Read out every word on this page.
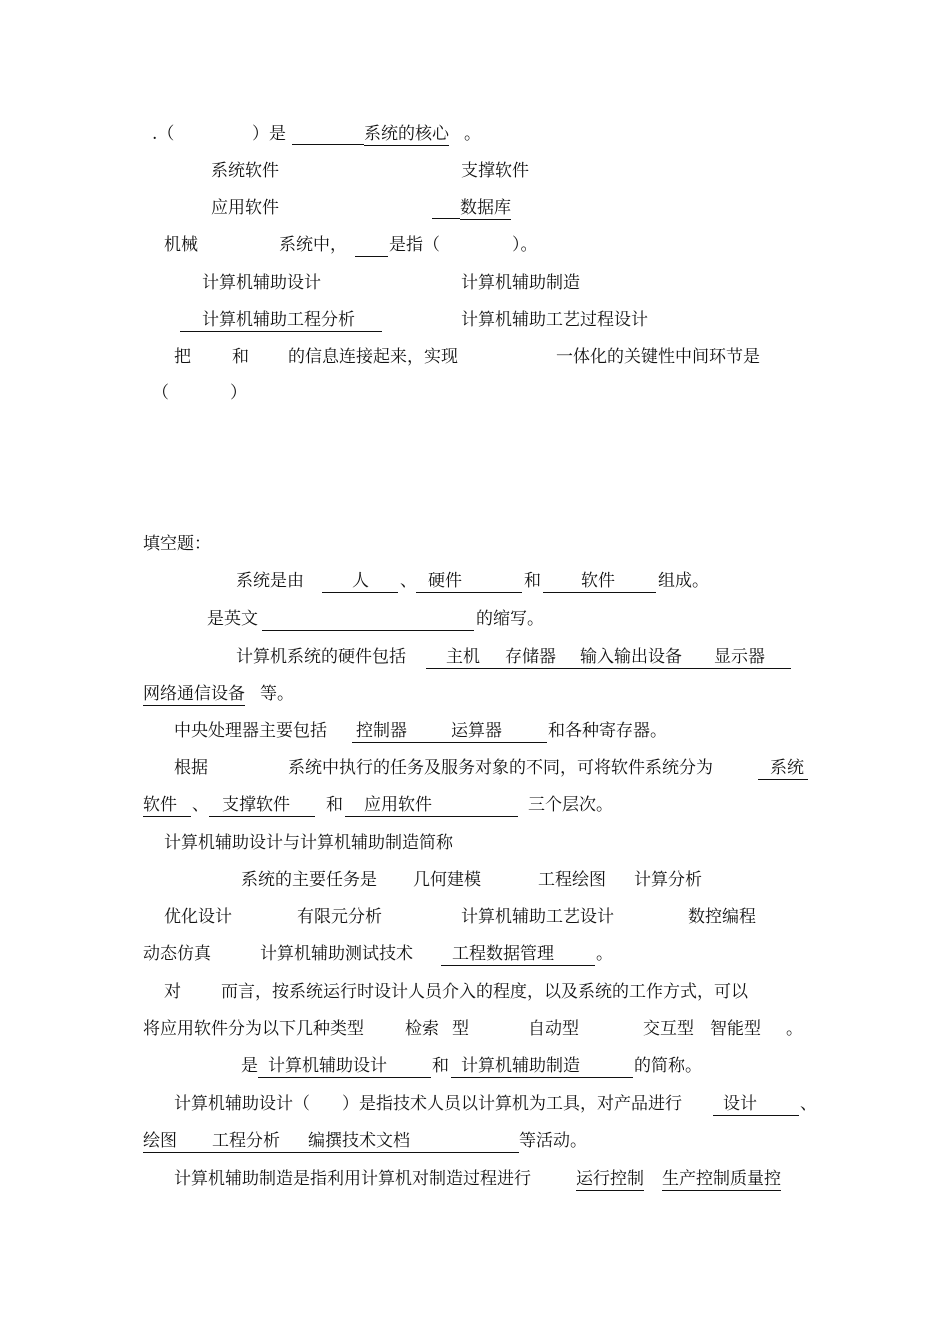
.（	）是	系统的核心 。
系统软件	支撑软件
应用软件	数据库
机械	系统中， 是指（	）。
计算机辅助设计	计算机辅助制造
计算机辅助工程分析	计算机辅助工艺过程设计
把 和 的信息连接起来，实现	一体化的关键性中间环节是
（	）
填空题：
系统是由	人 、 硬件	和 软件	组成。
是英文	的缩写。
计算机系统的硬件包括 主机 存储器 输入输出设备 显示器
网络通信设备 等。
中央处理器主要包括 控制器	运算器	和各种寄存器。
根据	系统中执行的任务及服务对象的不同，可将软件系统分为	系统
软件 、 支撑软件 和 应用软件	三个层次。
计算机辅助设计与计算机辅助制造简称
系统的主要任务是 几何建模	工程绘图 计算分析
优化设计	有限元分析	计算机辅助工艺设计	数控编程
动态仿真	计算机辅助测试技术 工程数据管理 。
对 而言，按系统运行时设计人员介入的程度，以及系统的工作方式，可以
将应用软件分为以下几种类型 检索 型	自动型	交互型 智能型 。
是 计算机辅助设计	和 计算机辅助制造	的简称。
计算机辅助设计（ ）是指技术人员以计算机为工具，对产品进行 设计	、
绘图 工程分析 编撰技术文档	等活动。
计算机辅助制造是指利用计算机对制造过程进行	运行控制 生产控制质量控
